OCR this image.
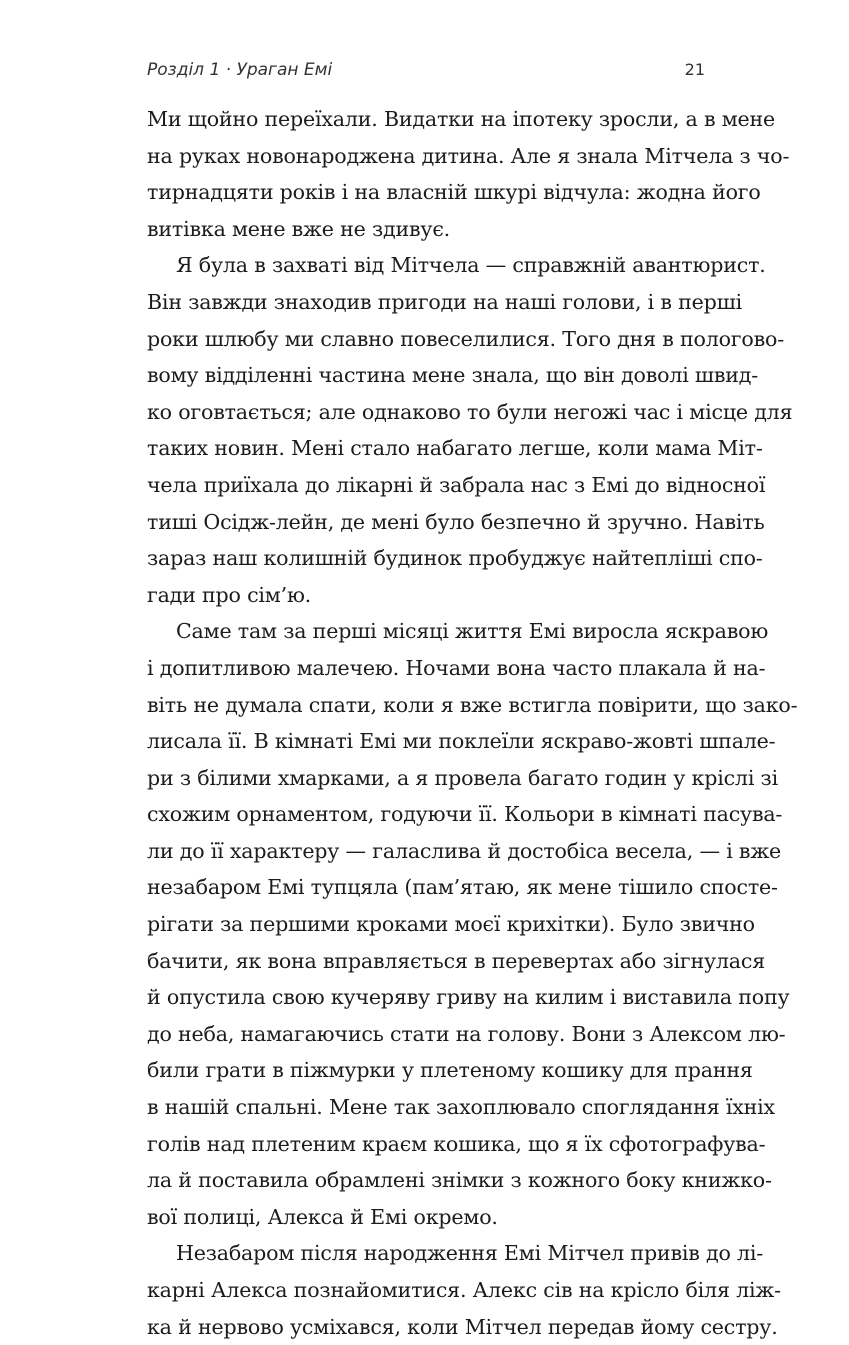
Розділ 1 · Ураган Емі	21
Ми щойно переїхали. Видатки на іпотеку зросли, а в мене
на руках новонароджена дитина. Але я знала Мітчела з чо-
тирнадцяти років і на власній шкурі відчула: жодна його
витівка мене вже не здивує.
Я була в захваті від Мітчела — справжній авантюрист.
Він завжди знаходив пригоди на наші голови, і в перші
роки шлюбу ми славно повеселилися. Того дня в пологово-
вому відділенні частина мене знала, що він доволі швид-
ко оговтається; але однаково то були негожі час і місце для
таких новин. Мені стало набагато легше, коли мама Міт-
чела приїхала до лікарні й забрала нас з Емі до відносної
тиші Осідж-лейн, де мені було безпечно й зручно. Навіть
зараз наш колишній будинок пробуджує найтепліші спо-
гади про сім’ю.
Саме там за перші місяці життя Емі виросла яскравою
і допитливою малечею. Ночами вона часто плакала й на-
віть не думала спати, коли я вже встигла повірити, що зако-
лисала її. В кімнаті Емі ми поклеїли яскраво-жовті шпале-
ри з білими хмарками, а я провела багато годин у кріслі зі
схожим орнаментом, годуючи її. Кольори в кімнаті пасува-
ли до її характеру — галаслива й достобіса весела, — і вже
незабаром Емі тупцяла (пам’ятаю, як мене тішило спосте-
рігати за першими кроками моєї крихітки). Було звично
бачити, як вона вправляється в перевертах або зігнулася
й опустила свою кучеряву гриву на килим і виставила попу
до неба, намагаючись стати на голову. Вони з Алексом лю-
били грати в піжмурки у плетеному кошику для прання
в нашій спальні. Мене так захоплювало споглядання їхніх
голів над плетеним краєм кошика, що я їх сфотографува-
ла й поставила обрамлені знімки з кожного боку книжко-
вої полиці, Алекса й Емі окремо.
Незабаром після народження Емі Мітчел привів до лі-
карні Алекса познайомитися. Алекс сів на крісло біля ліж-
ка й нервово усміхався, коли Мітчел передав йому сестру.
